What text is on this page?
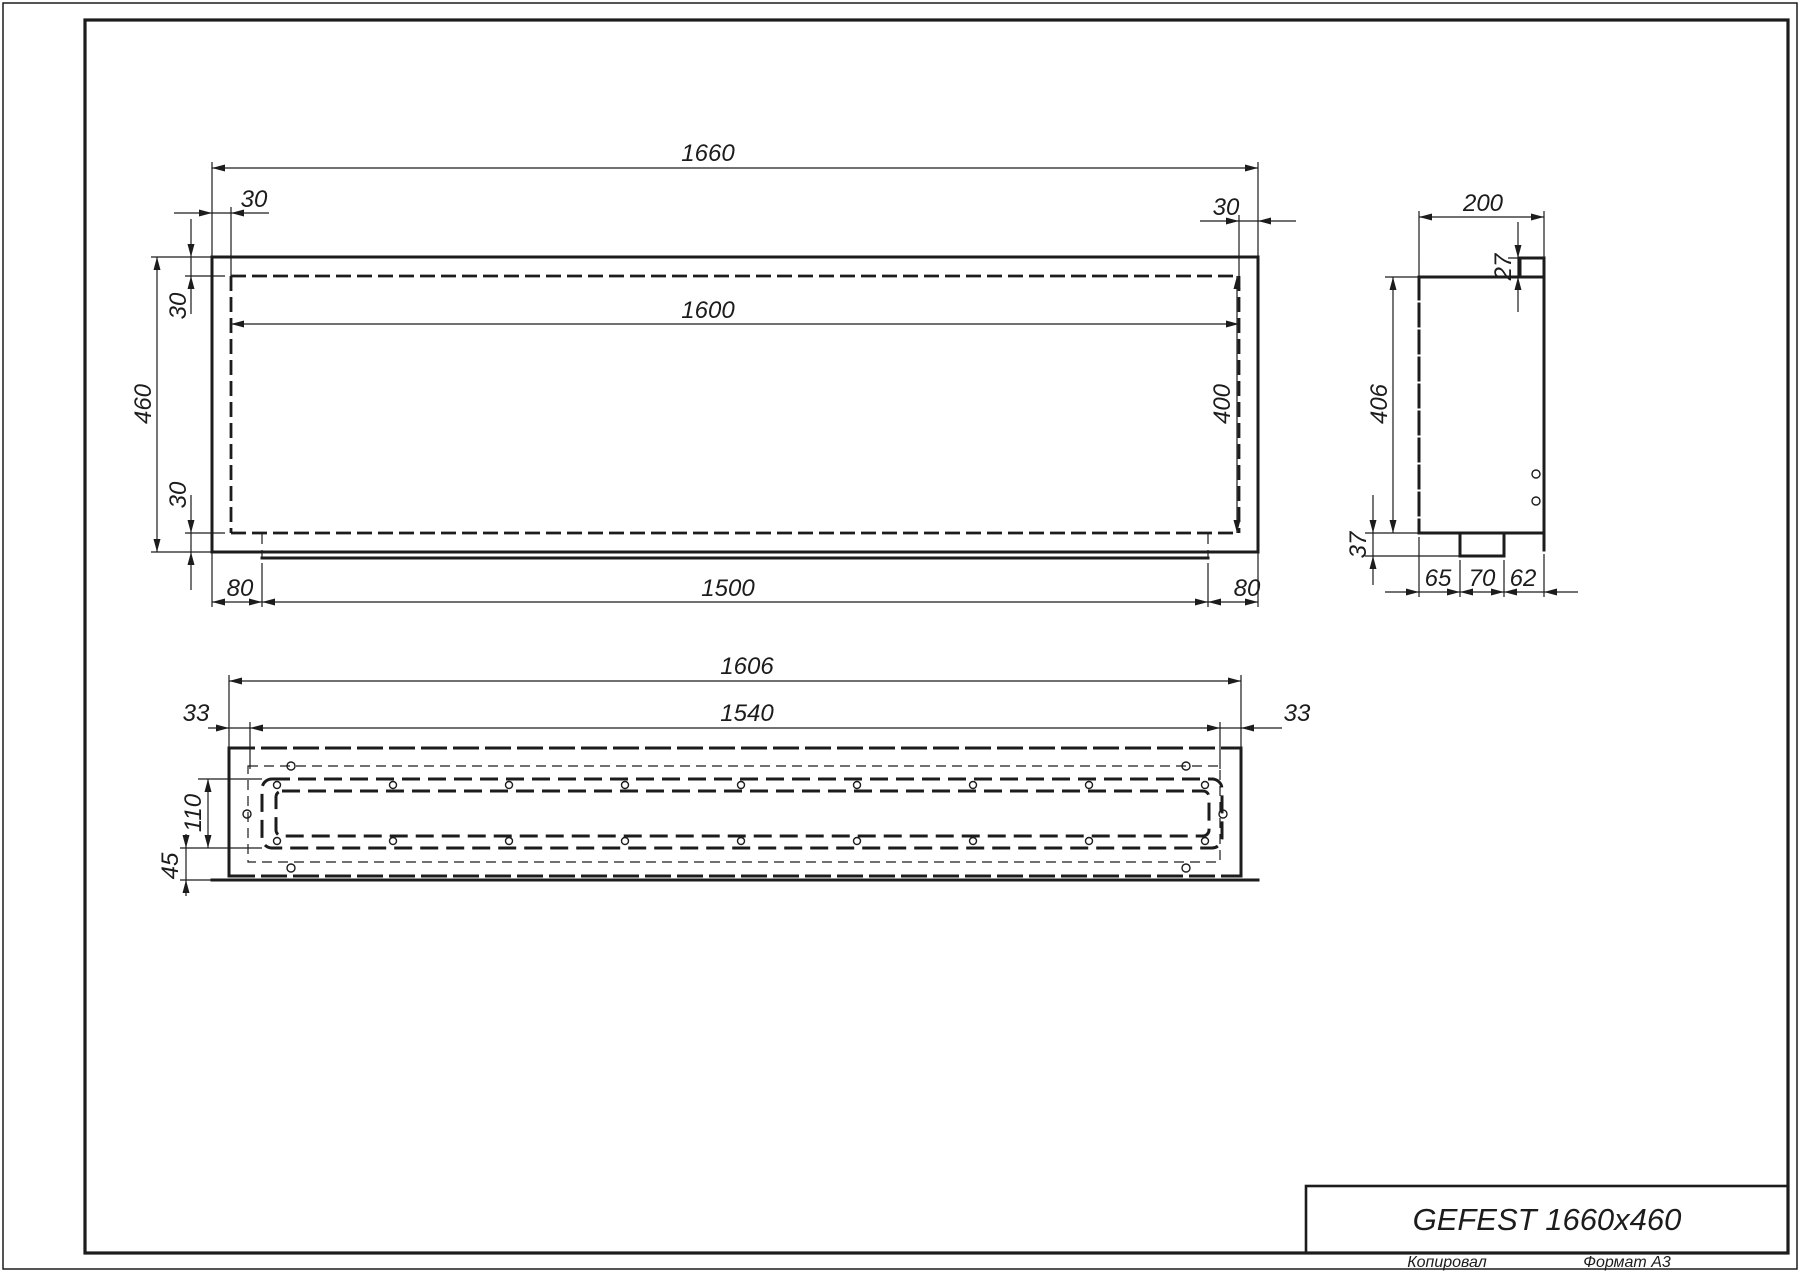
1660
30	30
460
30
30
1600
400
80	1500	80
200
27
406
37
65 70 62
1606
1540
33	33
110
45
GEFEST 1660x460
Копировал	Формат A3
